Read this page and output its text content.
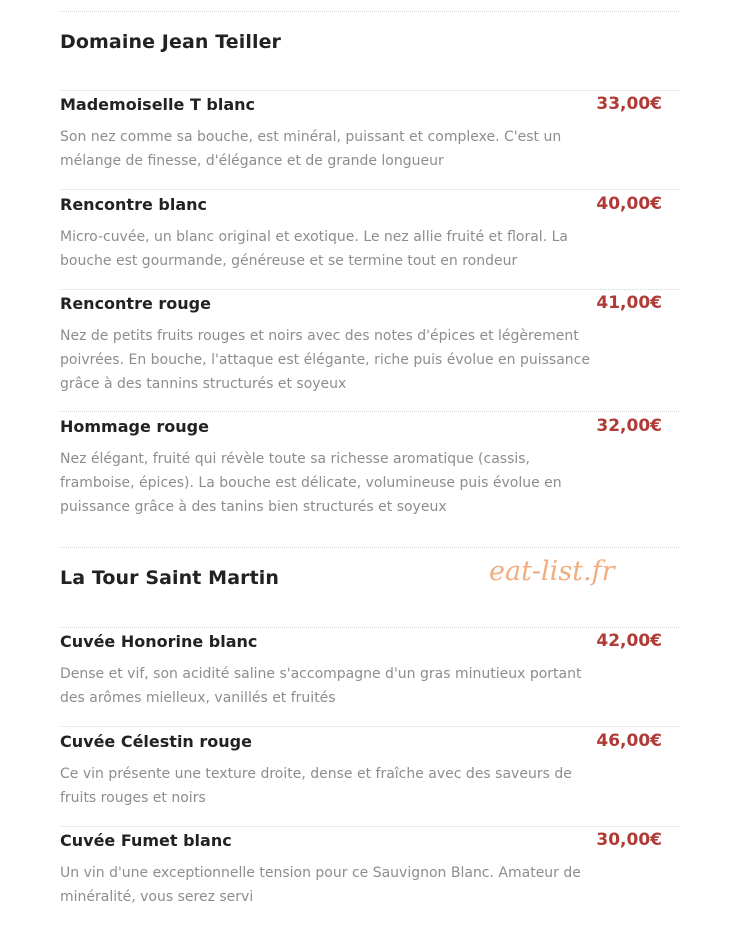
Domaine Jean Teiller
Mademoiselle T blanc	33,00€

Son nez comme sa bouche, est minéral, puissant et complexe. C'est un mélange de finesse, d'élégance et de grande longueur

Rencontre blanc	40,00€

Micro-cuvée, un blanc original et exotique. Le nez allie fruité et floral. La bouche est gourmande, généreuse et se termine tout en rondeur

Rencontre rouge	41,00€

Nez de petits fruits rouges et noirs avec des notes d'épices et légèrement poivrées. En bouche, l'attaque est élégante, riche puis évolue en puissance grâce à des tannins structurés et soyeux

Hommage rouge	32,00€

Nez élégant, fruité qui révèle toute sa richesse aromatique (cassis, framboise, épices). La bouche est délicate, volumineuse puis évolue en puissance grâce à des tanins bien structurés et soyeux

La Tour Saint Martin	eat-list.fr
Cuvée Honorine blanc	42,00€

Dense et vif, son acidité saline s'accompagne d'un gras minutieux portant des arômes mielleux, vanillés et fruités

Cuvée Célestin rouge	46,00€

Ce vin présente une texture droite, dense et fraîche avec des saveurs de fruits rouges et noirs

Cuvée Fumet blanc	30,00€

Un vin d'une exceptionnelle tension pour ce Sauvignon Blanc. Amateur de minéralité, vous serez servi
